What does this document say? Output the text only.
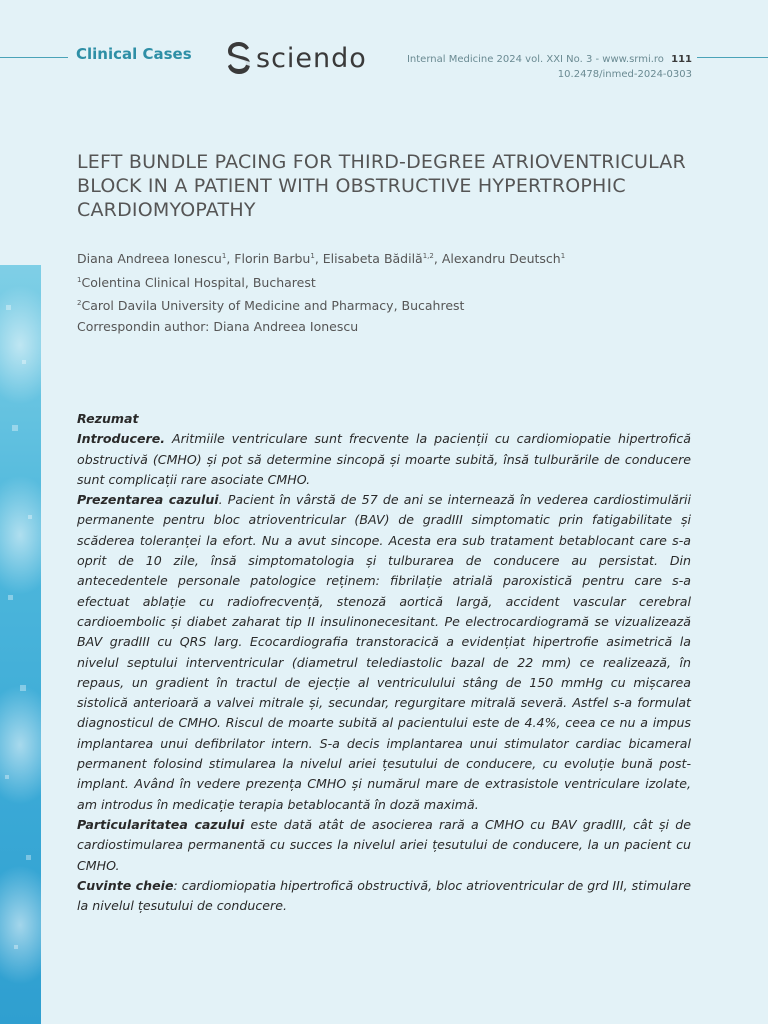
Clinical Cases sciendo	Internal Medicine 2024 vol. XXI No. 3 - www.srmi.ro 111
10.2478/inmed-2024-0303
LEFT BUNDLE PACING FOR THIRD-DEGREE ATRIOVENTRICULAR BLOCK IN A PATIENT WITH OBSTRUCTIVE HYPERTROPHIC CARDIOMYOPATHY

Diana Andreea Ionescu$^1$, Florin Barbu$^1$, Elisabeta Bădilă$^{1,2}$, Alexandru Deutsch$^1$

$^1$Colentina Clinical Hospital, Bucharest

$^2$Carol Davila University of Medicine and Pharmacy, Bucahrest

Correspondin author: Diana Andreea Ionescu

Rezumat

Introducere. Aritmiile ventriculare sunt frecvente la pacienții cu cardiomiopatie hipertrofică obstructivă (CMHO) și pot să determine sincopă și moarte subită, însă tulburările de conducere sunt complicații rare asociate CMHO.

Prezentarea cazului. Pacient în vârstă de 57 de ani se internează în vederea cardiostimulării permanente pentru bloc atrioventricular (BAV) de gradIII simptomatic prin fatigabilitate și scăderea toleranței la efort. Nu a avut sincope. Acesta era sub tratament betablocant care s-a oprit de 10 zile, însă simptomatologia și tulburarea de conducere au persistat. Din antecedentele personale patologice reținem: fibrilație atrială paroxistică pentru care s-a efectuat ablație cu radiofrecvență, stenoză aortică largă, accident vascular cerebral cardioembolic și diabet zaharat tip II insulinonecesitant. Pe electrocardiogramă se vizualizează BAV gradIII cu QRS larg. Ecocardiografia transtoracică a evidențiat hipertrofie asimetrică la nivelul septului interventricular (diametrul telediastolic bazal de 22 mm) ce realizează, în repaus, un gradient în tractul de ejecție al ventriculului stâng de 150 mmHg cu mișcarea sistolică anterioară a valvei mitrale și, secundar, regurgitare mitrală severă. Astfel s-a formulat diagnosticul de CMHO. Riscul de moarte subită al pacientului este de 4.4%, ceea ce nu a impus implantarea unui defibrilator intern. S-a decis implantarea unui stimulator cardiac bicameral permanent folosind stimularea la nivelul ariei țesutului de conducere, cu evoluție bună post-implant. Având în vedere prezența CMHO și numărul mare de extrasistole ventriculare izolate, am introdus în medicație terapia betablocantă în doză maximă.

Particularitatea cazului este dată atât de asocierea rară a CMHO cu BAV gradIII, cât și de cardiostimularea permanentă cu succes la nivelul ariei țesutului de conducere, la un pacient cu CMHO.

Cuvinte cheie: cardiomiopatia hipertrofică obstructivă, bloc atrioventricular de grd III, stimulare la nivelul țesutului de conducere.
